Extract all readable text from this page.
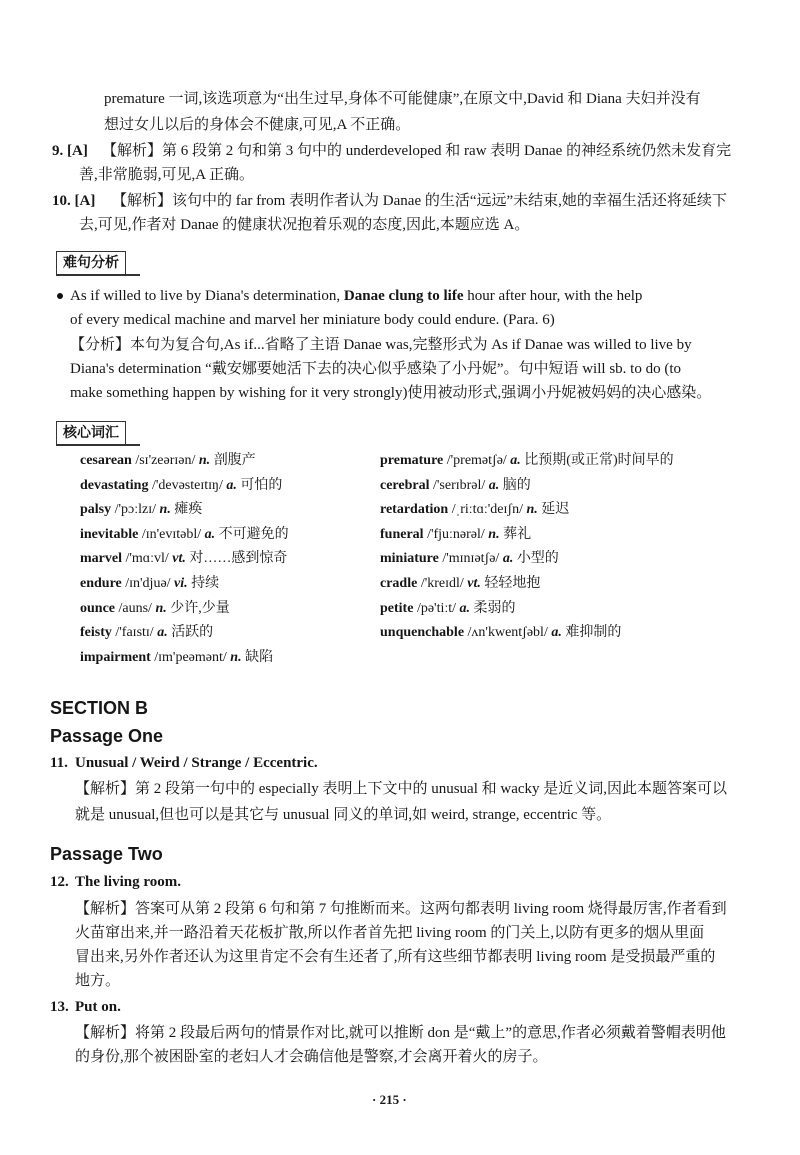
premature 一词,该选项意为“出生过早,身体不可能健康”,在原文中,David 和 Diana 夫妇并没有
想过女儿以后的身体会不健康,可见,A 不正确。
9. [A] 【解析】第 6 段第 2 句和第 3 句中的 underdeveloped 和 raw 表明 Danae 的神经系统仍然未发育完
善,非常脆弱,可见,A 正确。
10. [A] 【解析】该句中的 far from 表明作者认为 Danae 的生活“远远”未结束,她的幸福生活还将延续下
去,可见,作者对 Danae 的健康状况抱着乐观的态度,因此,本题应选 A。
难句分析
As if willed to live by Diana's determination, Danae clung to life hour after hour, with the help
of every medical machine and marvel her miniature body could endure. (Para. 6)
【分析】本句为复合句,As if...省略了主语 Danae was,完整形式为 As if Danae was willed to live by
Diana's determination “戴安娜要她活下去的决心似乎感染了小丹妮”。句中短语 will sb. to do (to
make something happen by wishing for it very strongly)使用被动形式,强调小丹妮被妈妈的决心感染。
核心词汇
cesarean /sɪ'zeərɪən/ n. 剖腹产
devastating /'devəsteɪtɪŋ/ a. 可怕的
palsy /'pɔːlzɪ/ n. 瘫痪
inevitable /ɪn'evɪtəbl/ a. 不可避免的
marvel /'mɑːvl/ vt. 对……感到惊奇
endure /ɪn'djuə/ vi. 持续
ounce /auns/ n. 少许,少量
feisty /'faɪstɪ/ a. 活跃的
impairment /ɪm'peəmənt/ n. 缺陷
premature /'premətʃə/ a. 比预期(或正常)时间早的
cerebral /'serɪbrəl/ a. 脑的
retardation /ˌriːtɑː'deɪʃn/ n. 延迟
funeral /'fjuːnərəl/ n. 葬礼
miniature /'mɪnɪətʃə/ a. 小型的
cradle /'kreɪdl/ vt. 轻轻地抱
petite /pə'tiːt/ a. 柔弱的
unquenchable /ʌn'kwentʃəbl/ a. 难抑制的
SECTION B
Passage One
11. Unusual / Weird / Strange / Eccentric.
【解析】第 2 段第一句中的 especially 表明上下文中的 unusual 和 wacky 是近义词,因此本题答案可以
就是 unusual,但也可以是其它与 unusual 同义的单词,如 weird, strange, eccentric 等。
Passage Two
12. The living room.
【解析】答案可从第 2 段第 6 句和第 7 句推断而来。这两句都表明 living room 烧得最厉害,作者看到
火苗窜出来,并一路沿着天花板扩散,所以作者首先把 living room 的门关上,以防有更多的烟从里面
冒出来,另外作者还认为这里肯定不会有生还者了,所有这些细节都表明 living room 是受损最严重的
地方。
13. Put on.
【解析】将第 2 段最后两句的情景作对比,就可以推断 don 是“戴上”的意思,作者必须戴着警帽表明他
的身份,那个被困卧室的老妇人才会确信他是警察,才会离开着火的房子。
· 215 ·
